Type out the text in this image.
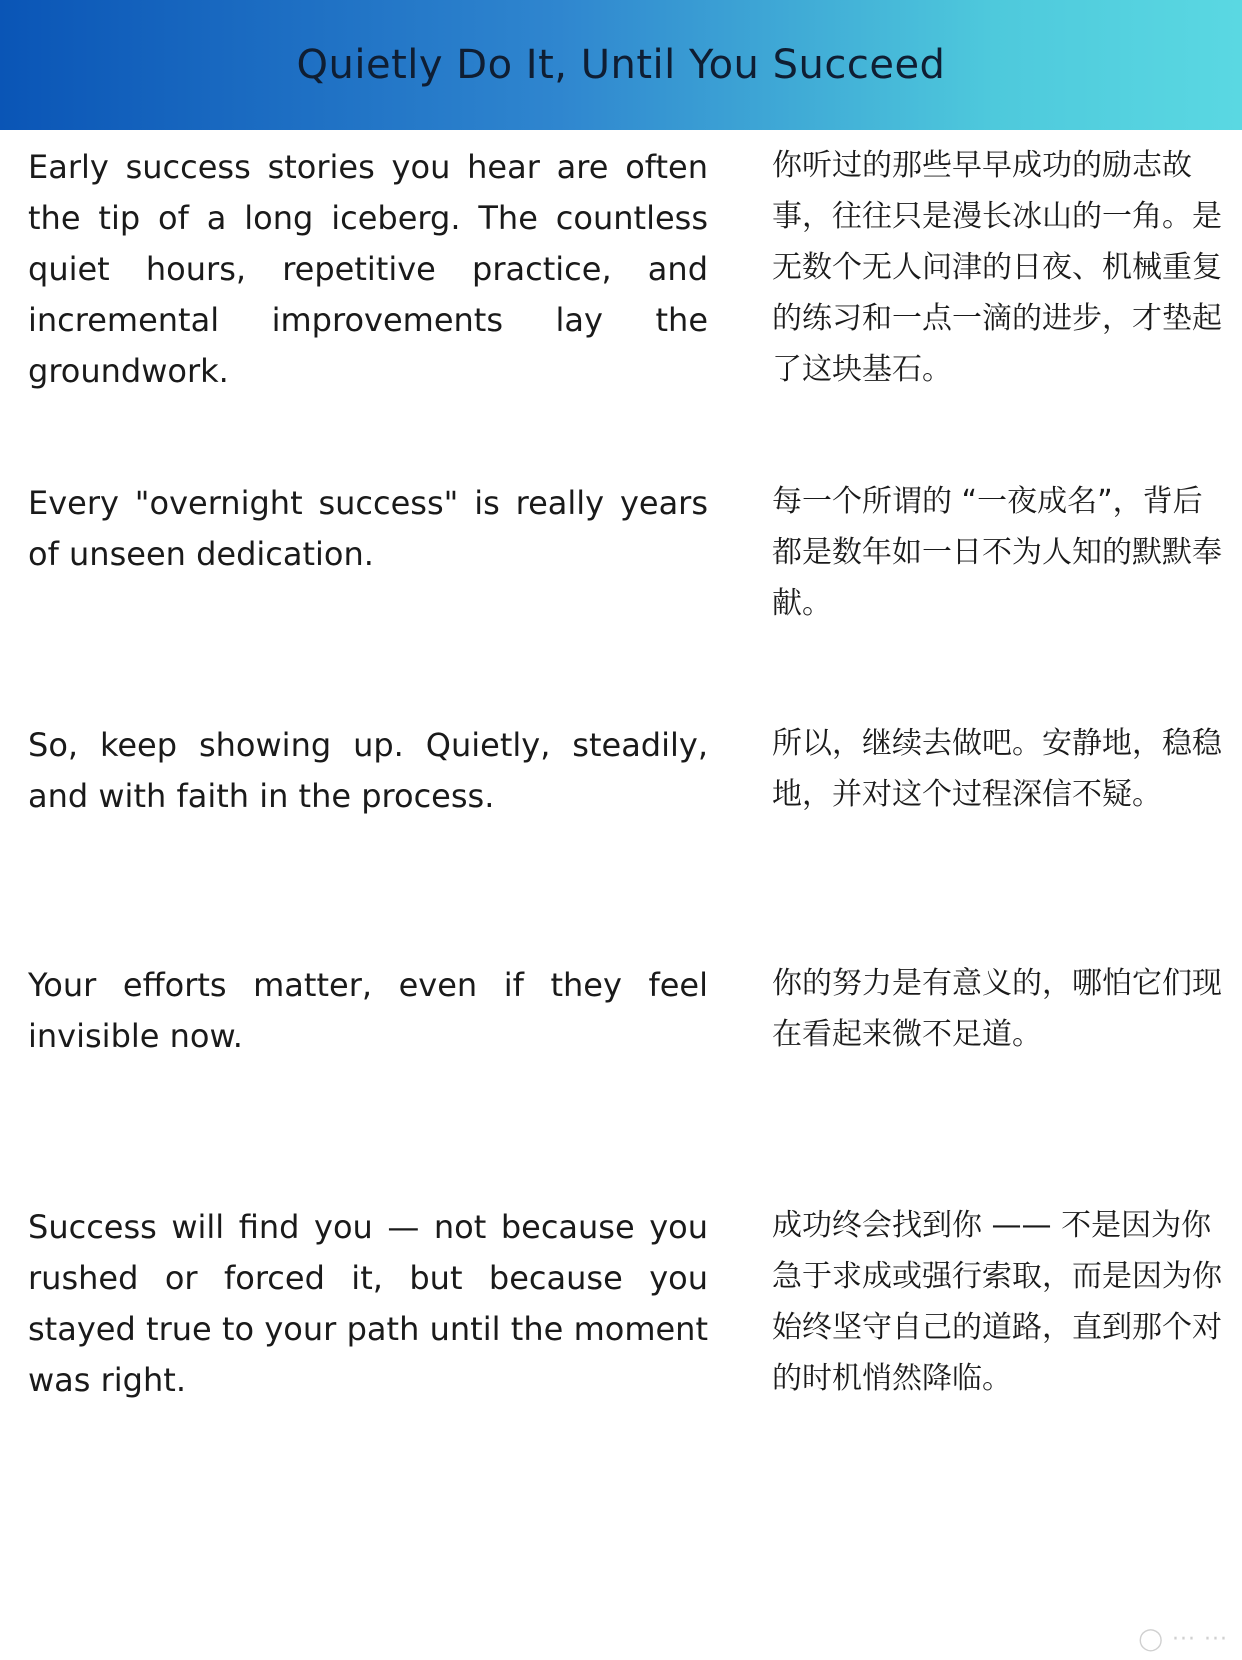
Quietly Do It, Until You Succeed

Early success stories you hear are often the tip of a long iceberg. The countless quiet hours, repetitive practice, and incremental improvements lay the groundwork.

你听过的那些早早成功的励志故事，往往只是漫长冰山的一角。是无数个无人问津的日夜、机械重复的练习和一点一滴的进步，才垫起了这块基石。

Every "overnight success" is really years of unseen dedication.

每一个所谓的 “一夜成名”，背后都是数年如一日不为人知的默默奉献。

So, keep showing up. Quietly, steadily, and with faith in the process.

所以，继续去做吧。安静地，稳稳地，并对这个过程深信不疑。

Your efforts matter, even if they feel invisible now.

你的努力是有意义的，哪怕它们现在看起来微不足道。

Success will find you — not because you rushed or forced it, but because you stayed true to your path until the moment was right.

成功终会找到你 —— 不是因为你急于求成或强行索取，而是因为你始终坚守自己的道路，直到那个对的时机悄然降临。

◯ ··· ···
